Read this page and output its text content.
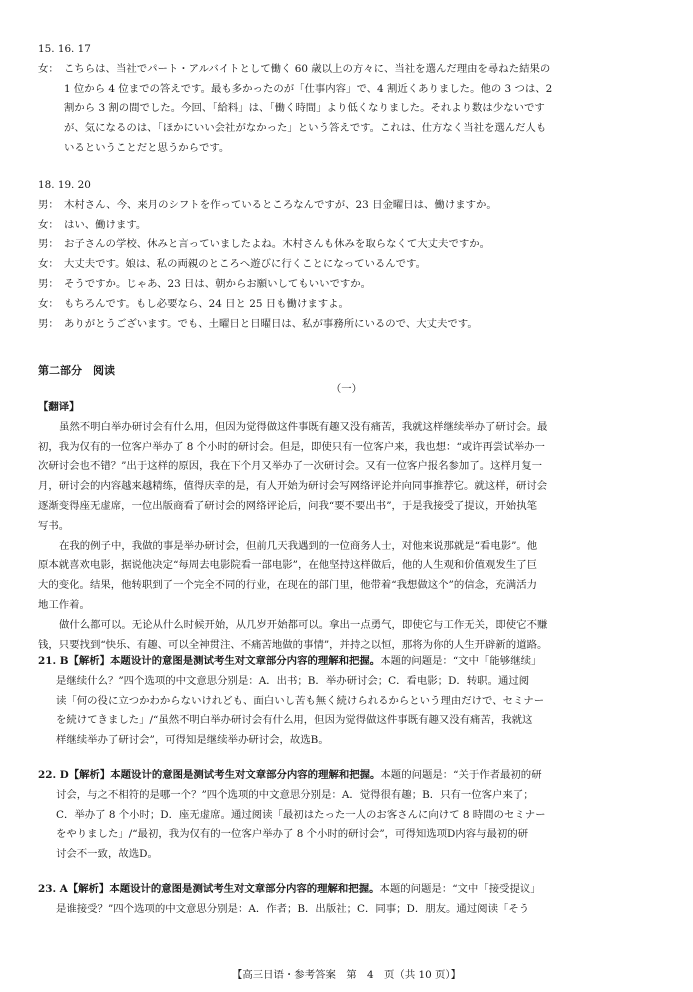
15. 16. 17

女： こちらは、当社でパート・アルバイトとして働く 60 歳以上の方々に、当社を選んだ理由を尋ねた結果の
1 位から 4 位までの答えです。最も多かったのが「仕事内容」で、4 割近くありました。他の 3 つは、2
割から 3 割の間でした。今回、「給料」は、「働く時間」より低くなりました。それより数は少ないです
が、気になるのは、「ほかにいい会社がなかった」という答えです。これは、仕方なく当社を選んだ人も
いるということだと思うからです。

18. 19. 20

男： 木村さん、今、来月のシフトを作っているところなんですが、23 日金曜日は、働けますか。
女： はい、働けます。
男： お子さんの学校、休みと言っていましたよね。木村さんも休みを取らなくて大丈夫ですか。
女： 大丈夫です。娘は、私の両親のところへ遊びに行くことになっているんです。
男： そうですか。じゃあ、23 日は、朝からお願いしてもいいですか。
女： もちろんです。もし必要なら、24 日と 25 日も働けますよ。
男： ありがとうございます。でも、土曜日と日曜日は、私が事務所にいるので、大丈夫です。
第二部分　阅读
（一）

【翻译】

虽然不明白举办研讨会有什么用，但因为觉得做这件事既有趣又没有痛苦，我就这样继续举办了研讨会。最
初，我为仅有的一位客户举办了 8 个小时的研讨会。但是，即使只有一位客户来，我也想：“或许再尝试举办一
次研讨会也不错？”出于这样的原因，我在下个月又举办了一次研讨会。又有一位客户报名参加了。这样月复一
月，研讨会的内容越来越精练，值得庆幸的是，有人开始为研讨会写网络评论并向同事推荐它。就这样，研讨会
逐渐变得座无虚席，一位出版商看了研讨会的网络评论后，问我“要不要出书”，于是我接受了提议，开始执笔
写书。
在我的例子中，我做的事是举办研讨会，但前几天我遇到的一位商务人士，对他来说那就是“看电影”。他
原本就喜欢电影，据说他决定“每周去电影院看一部电影”，在他坚持这样做后，他的人生观和价值观发生了巨
大的变化。结果，他转职到了一个完全不同的行业，在现在的部门里，他带着“我想做这个”的信念，充满活力
地工作着。
做什么都可以。无论从什么时候开始，从几岁开始都可以。拿出一点勇气，即使它与工作无关，即使它不赚
钱，只要找到“快乐、有趣、可以全神贯注、不痛苦地做的事情”，并持之以恒，那将为你的人生开辟新的道路。
21. B【解析】本题设计的意图是测试考生对文章部分内容的理解和把握。本题的问题是：“文中「能够继续」
是继续什么？”四个选项的中文意思分别是：A．出书；B．举办研讨会；C．看电影；D．转职。通过阅
读「何の役に立つかわからないけれども、面白いし苦も無く続けられるからという理由だけで、セミナー
を続けてきました」/“虽然不明白举办研讨会有什么用，但因为觉得做这件事既有趣又没有痛苦，我就这
样继续举办了研讨会”，可得知是继续举办研讨会，故选B。
22. D【解析】本题设计的意图是测试考生对文章部分内容的理解和把握。本题的问题是：“关于作者最初的研
讨会，与之不相符的是哪一个？”四个选项的中文意思分别是：A．觉得很有趣；B．只有一位客户来了；
C．举办了 8 个小时；D．座无虚席。通过阅读「最初はたった一人のお客さんに向けて 8 時間のセミナー
をやりました」/“最初，我为仅有的一位客户举办了 8 个小时的研讨会”，可得知选项D内容与最初的研
讨会不一致，故选D。
23. A【解析】本题设计的意图是测试考生对文章部分内容的理解和把握。本题的问题是：“文中「接受提议」
是谁接受？”四个选项的中文意思分别是：A．作者；B．出版社；C．同事；D．朋友。通过阅读「そう
【高三日语・参考答案　第　4　页（共 10 页）】
